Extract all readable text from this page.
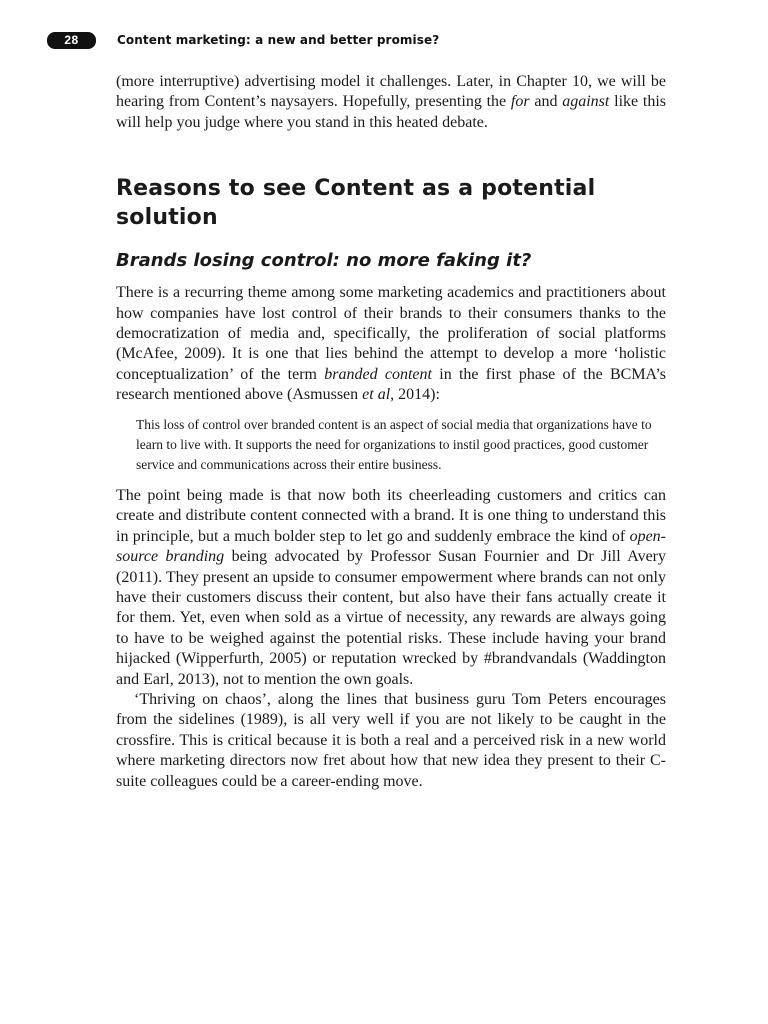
28	Content marketing: a new and better promise?

(more interruptive) advertising model it challenges. Later, in Chapter 10, we will be hearing from Content’s naysayers. Hopefully, presenting the for and against like this will help you judge where you stand in this heated debate.

Reasons to see Content as a potential solution
Brands losing control: no more faking it?

There is a recurring theme among some marketing academics and practitioners about how companies have lost control of their brands to their consumers thanks to the democratization of media and, specifically, the proliferation of social platforms (McAfee, 2009). It is one that lies behind the attempt to develop a more ‘holistic conceptualization’ of the term branded content in the first phase of the BCMA’s research mentioned above (Asmussen et al, 2014):

This loss of control over branded content is an aspect of social media that organizations have to learn to live with. It supports the need for organizations to instil good practices, good customer service and communications across their entire business.

The point being made is that now both its cheerleading customers and critics can create and distribute content connected with a brand. It is one thing to understand this in principle, but a much bolder step to let go and suddenly embrace the kind of open-source branding being advocated by Professor Susan Fournier and Dr Jill Avery (2011). They present an upside to consumer empowerment where brands can not only have their customers discuss their content, but also have their fans actually create it for them. Yet, even when sold as a virtue of necessity, any rewards are always going to have to be weighed against the potential risks. These include having your brand hijacked (Wipperfurth, 2005) or reputation wrecked by #brandvandals (Waddington and Earl, 2013), not to mention the own goals.

‘Thriving on chaos’, along the lines that business guru Tom Peters encourages from the sidelines (1989), is all very well if you are not likely to be caught in the crossfire. This is critical because it is both a real and a perceived risk in a new world where marketing directors now fret about how that new idea they present to their C-suite colleagues could be a career-ending move.
